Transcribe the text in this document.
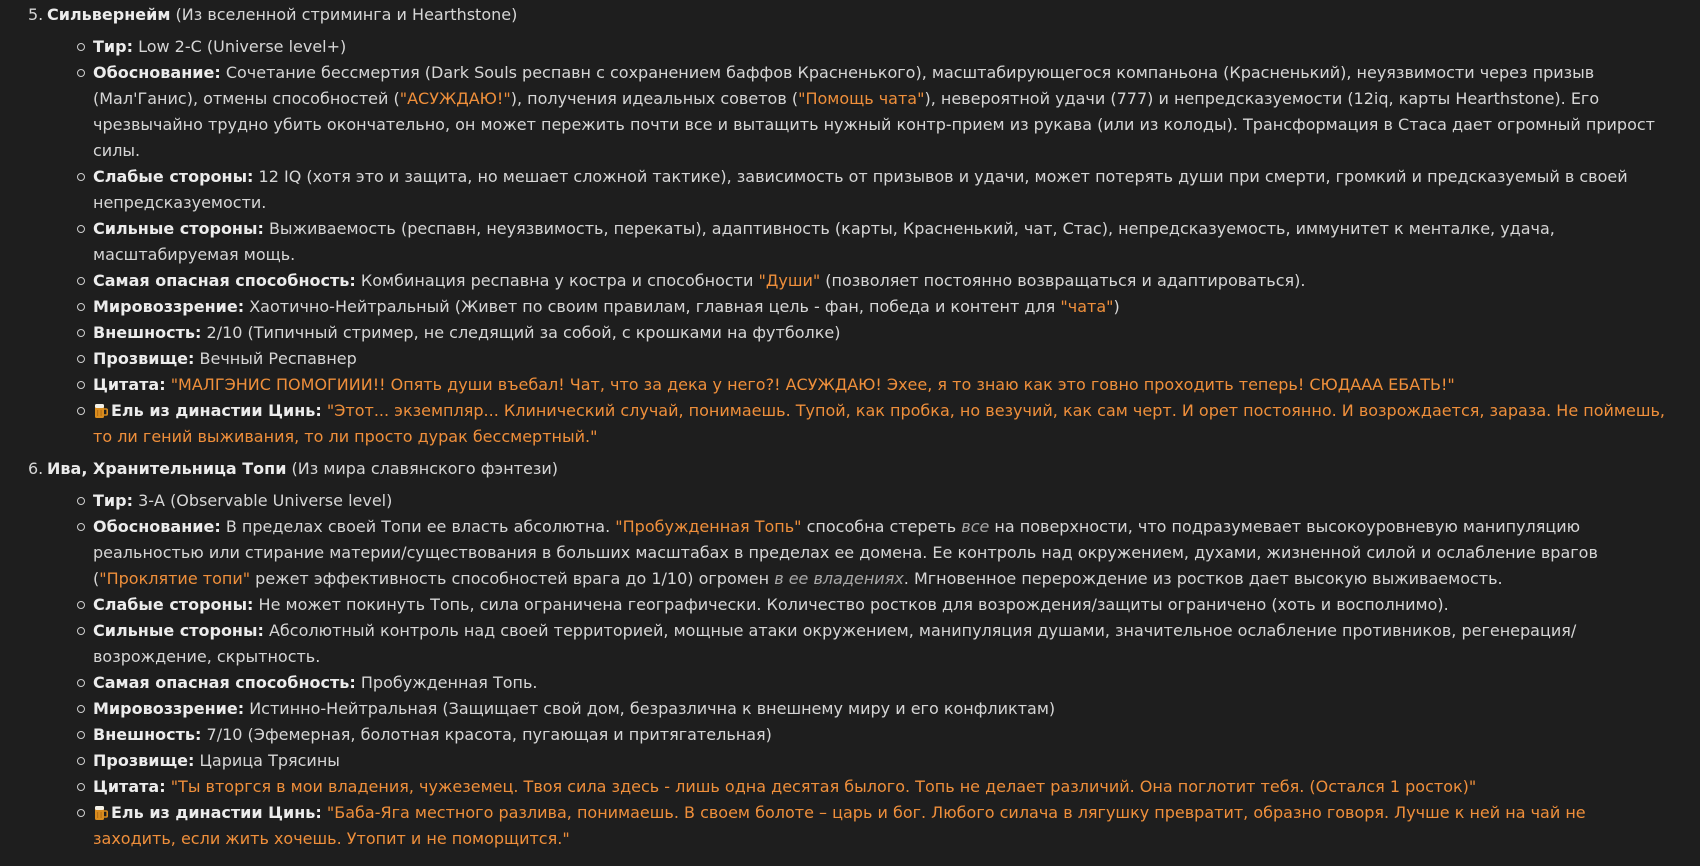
5. Сильвернейм (Из вселенной стриминга и Hearthstone)
Тир: Low 2-C (Universe level+)
Обоснование: Сочетание бессмертия (Dark Souls респавн с сохранением баффов Красненького), масштабирующегося компаньона (Красненький), неуязвимости через призыв (Мал'Ганис), отмены способностей ("АСУЖДАЮ!"), получения идеальных советов ("Помощь чата"), невероятной удачи (777) и непредсказуемости (12iq, карты Hearthstone). Его чрезвычайно трудно убить окончательно, он может пережить почти все и вытащить нужный контр-прием из рукава (или из колоды). Трансформация в Стаса дает огромный прирост силы.
Слабые стороны: 12 IQ (хотя это и защита, но мешает сложной тактике), зависимость от призывов и удачи, может потерять души при смерти, громкий и предсказуемый в своей непредсказуемости.
Сильные стороны: Выживаемость (респавн, неуязвимость, перекаты), адаптивность (карты, Красненький, чат, Стас), непредсказуемость, иммунитет к менталке, удача, масштабируемая мощь.
Самая опасная способность: Комбинация респавна у костра и способности "Души" (позволяет постоянно возвращаться и адаптироваться).
Мировоззрение: Хаотично-Нейтральный (Живет по своим правилам, главная цель - фан, победа и контент для "чата")
Внешность: 2/10 (Типичный стример, не следящий за собой, с крошками на футболке)
Прозвище: Вечный Респавнер
Цитата: "МАЛГЭНИС ПОМОГИИИ!! Опять души въебал! Чат, что за дека у него?! АСУЖДАЮ! Эхее, я то знаю как это говно проходить теперь! СЮДААА ЕБАТЬ!"
Ель из династии Цинь: "Этот... экземпляр... Клинический случай, понимаешь. Тупой, как пробка, но везучий, как сам черт. И орет постоянно. И возрождается, зараза. Не поймешь, то ли гений выживания, то ли просто дурак бессмертный."
6. Ива, Хранительница Топи (Из мира славянского фэнтези)
Тир: 3-A (Observable Universe level)
Обоснование: В пределах своей Топи ее власть абсолютна. "Пробужденная Топь" способна стереть все на поверхности, что подразумевает высокоуровневую манипуляцию реальностью или стирание материи/существования в больших масштабах в пределах ее домена. Ее контроль над окружением, духами, жизненной силой и ослабление врагов ("Проклятие топи" режет эффективность способностей врага до 1/10) огромен в ее владениях. Мгновенное перерождение из ростков дает высокую выживаемость.
Слабые стороны: Не может покинуть Топь, сила ограничена географически. Количество ростков для возрождения/защиты ограничено (хоть и восполнимо).
Сильные стороны: Абсолютный контроль над своей территорией, мощные атаки окружением, манипуляция душами, значительное ослабление противников, регенерация/возрождение, скрытность.
Самая опасная способность: Пробужденная Топь.
Мировоззрение: Истинно-Нейтральная (Защищает свой дом, безразлична к внешнему миру и его конфликтам)
Внешность: 7/10 (Эфемерная, болотная красота, пугающая и притягательная)
Прозвище: Царица Трясины
Цитата: "Ты вторгся в мои владения, чужеземец. Твоя сила здесь - лишь одна десятая былого. Топь не делает различий. Она поглотит тебя. (Остался 1 росток)"
Ель из династии Цинь: "Баба-Яга местного разлива, понимаешь. В своем болоте – царь и бог. Любого силача в лягушку превратит, образно говоря. Лучше к ней на чай не заходить, если жить хочешь. Утопит и не поморщится."
